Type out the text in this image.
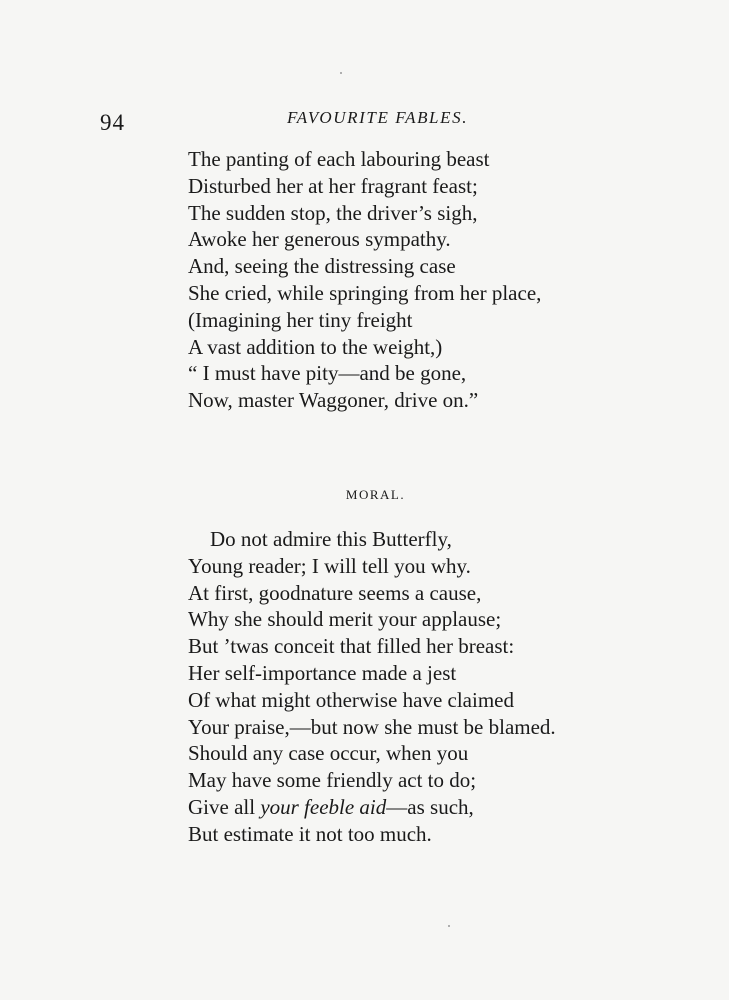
94	FAVOURITE FABLES.
The panting of each labouring beast
Disturbed her at her fragrant feast;
The sudden stop, the driver’s sigh,
Awoke her generous sympathy.
And, seeing the distressing case
She cried, while springing from her place,
(Imagining her tiny freight
A vast addition to the weight,)
“ I must have pity—and be gone,
Now, master Waggoner, drive on.”
MORAL.
Do not admire this Butterfly,
Young reader; I will tell you why.
At first, goodnature seems a cause,
Why she should merit your applause;
But ’twas conceit that filled her breast:
Her self-importance made a jest
Of what might otherwise have claimed
Your praise,—but now she must be blamed.
Should any case occur, when you
May have some friendly act to do;
Give all your feeble aid—as such,
But estimate it not too much.
